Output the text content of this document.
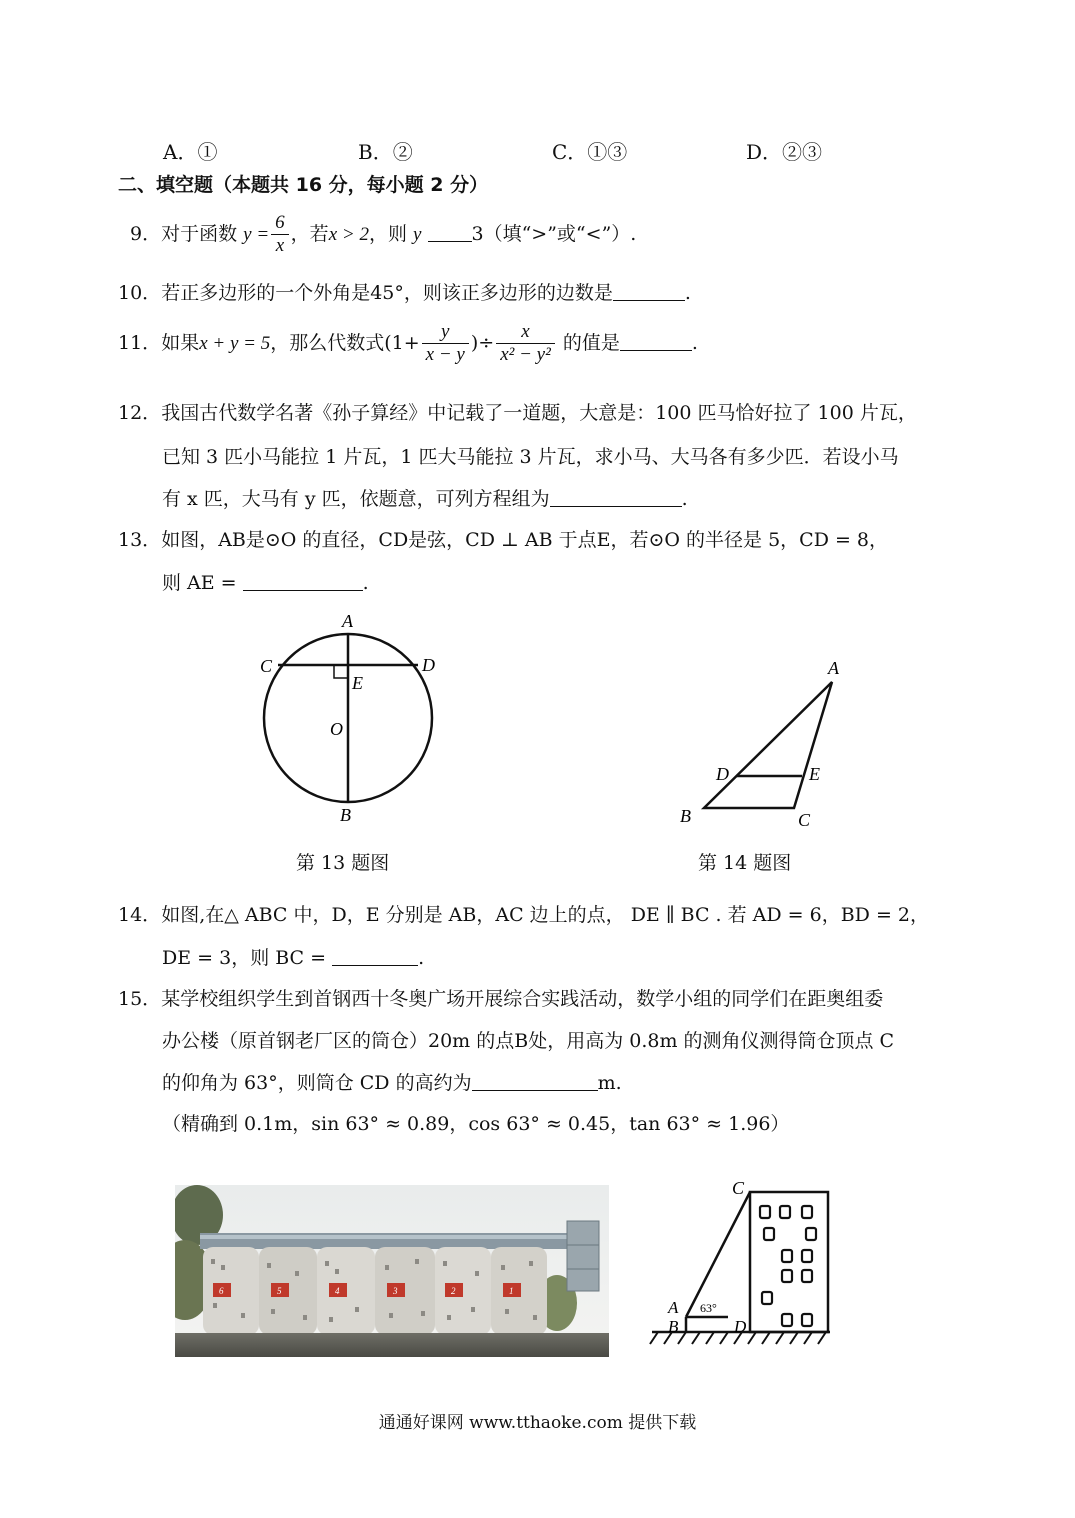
A．①	B．②	C．①③	D．②③
二、填空题（本题共 16 分，每小题 2 分）
9．对于函数 $y = \frac{6}{x}$ ，若x > 2，则 y	3（填“>”或“<”）.
10．若正多边形的一个外角是45°，则该正多边形的边数是	.
11．如果x + y = 5，那么代数式($1+ \frac{y}{x - y}$ )÷ $\frac{x}{\text{x² − y²}}$ 的值是	.
12．我国古代数学名著《孙子算经》中记载了一道题，大意是：100 匹马恰好拉了 100 片瓦，
已知 3 匹小马能拉 1 片瓦，1 匹大马能拉 3 片瓦，求小马、大马各有多少匹．若设小马
有 x 匹，大马有 y 匹，依题意，可列方程组为	.
13．如图，AB是⊙O 的直径，CD是弦，CD ⊥ AB 于点E，若⊙O 的半径是 5，CD = 8，
则 AE =	.
A
C	D
E
O
B
第 13 题图
A
D	E
B	C
第 14 题图
14．如图,在△ ABC 中，D，E 分别是 AB，AC 边上的点， DE ∥ BC . 若 AD = 6，BD = 2，
DE = 3，则 BC =	.
15．某学校组织学生到首钢西十冬奥广场开展综合实践活动，数学小组的同学们在距奥组委
办公楼（原首钢老厂区的筒仓）20m 的点B处，用高为 0.8m 的测角仪测得筒仓顶点 C
的仰角为 63°，则筒仓 CD 的高约为	m.
（精确到 0.1m，sin 63° ≈ 0.89，cos 63° ≈ 0.45，tan 63° ≈ 1.96）
6	5	4	3	2	1
C
A
B	D
63°
通通好课网 www.tthaoke.com 提供下载
